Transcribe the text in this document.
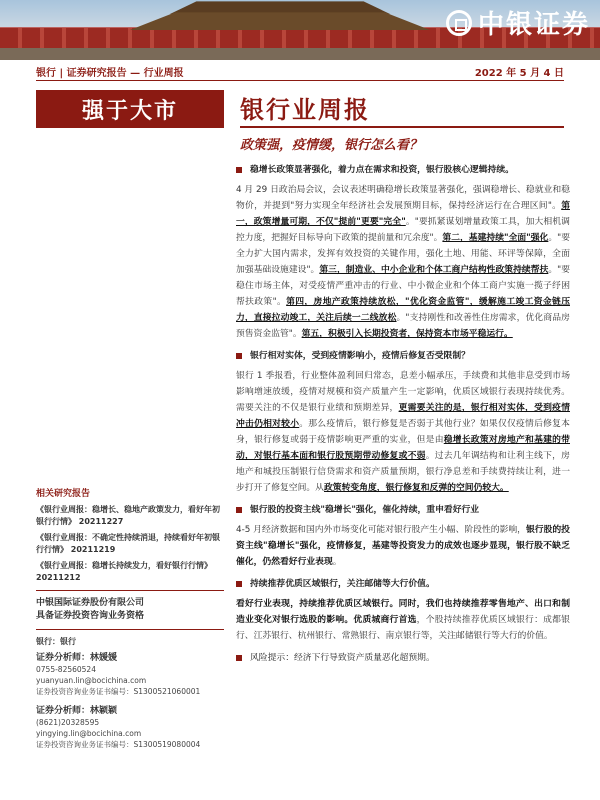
中银证券
银行 | 证券研究报告 — 行业周报	2022 年 5 月 4 日
强于大市	银行业周报
政策强，疫情缓，银行怎么看？
稳增长政策显著强化，着力点在需求和投资，银行股核心逻辑持续。
4 月 29 日政治局会议，会议表述明确稳增长政策显著强化，强调稳增长、稳就业和稳物价，并提到"努力实现全年经济社会发展预期目标，保持经济运行在合理区间"。第一，政策增量可期，不仅"提前"更要"完全"。"要抓紧谋划增量政策工具，加大相机调控力度，把握好目标导向下政策的提前量和冗余度"。第二，基建持续"全面"强化。"要全力扩大国内需求，发挥有效投资的关键作用，强化土地、用能、环评等保障，全面加强基础设施建设"。第三，制造业、中小企业和个体工商户结构性政策持续帮扶。"要稳住市场主体，对受疫情严重冲击的行业、中小微企业和个体工商户实施一揽子纾困帮扶政策"。第四，房地产政策持续放松，"优化资金监管"，缓解施工竣工资金链压力，直接拉动竣工，关注后续一二线放松。"支持刚性和改善性住房需求，优化商品房预售资金监管"。第五，积极引入长期投资者，保持资本市场平稳运行。
银行相对实体，受到疫情影响小，疫情后修复否受限制？
银行 1 季报看，行业整体盈利回归常态，息差小幅承压，手续费和其他非息受到市场影响增速放缓，疫情对规模和资产质量产生一定影响，优质区域银行表现持续优秀。需要关注的不仅是银行业绩和预期差异，更需要关注的是，银行相对实体，受到疫情冲击仍相对较小。那么疫情后，银行修复是否弱于其他行业？如果仅仅疫情后修复本身，银行修复或弱于疫情影响更严重的实业，但是由稳增长政策对房地产和基建的带动，对银行基本面和银行股预期带动修复或不弱。过去几年调结构和让利主线下，房地产和城投压制银行信贷需求和资产质量预期，银行净息差和手续费持续让利，进一步打开了修复空间。从政策转变角度，银行修复和反弹的空间仍较大。
银行股的投资主线"稳增长"强化，催化持续，重申看好行业
4-5 月经济数据和国内外市场变化可能对银行股产生小幅、阶段性的影响，银行股的投资主线"稳增长"强化，疫情修复，基建等投资发力的成效也逐步显现，银行股不缺乏催化，仍然看好行业表现。
持续推荐优质区域银行，关注邮储等大行价值。
看好行业表现，持续推荐优质区域银行。同时，我们也持续推荐零售地产、出口和制造业变化对银行选股的影响。优质城商行首选，个股持续推荐优质区域银行：成都银行、江苏银行、杭州银行、常熟银行、南京银行等，关注邮储银行等大行的价值。
风险提示：经济下行导致资产质量恶化超预期。
相关研究报告
《银行业周报：稳增长、稳地产政策发力，看好年初银行行情》 20211227
《银行业周报：不确定性持续消退，持续看好年初银行行情》 20211219
《银行业周报：稳增长持续发力，看好银行行情》 20211212
中银国际证券股份有限公司
具备证券投资咨询业务资格
银行：银行
证券分析师：林媛媛
0755-82560524
yuanyuan.lin@bocichina.com
证券投资咨询业务证书编号：S1300521060001
证券分析师：林颖颖
(8621)20328595
yingying.lin@bocichina.com
证券投资咨询业务证书编号：S1300519080004
